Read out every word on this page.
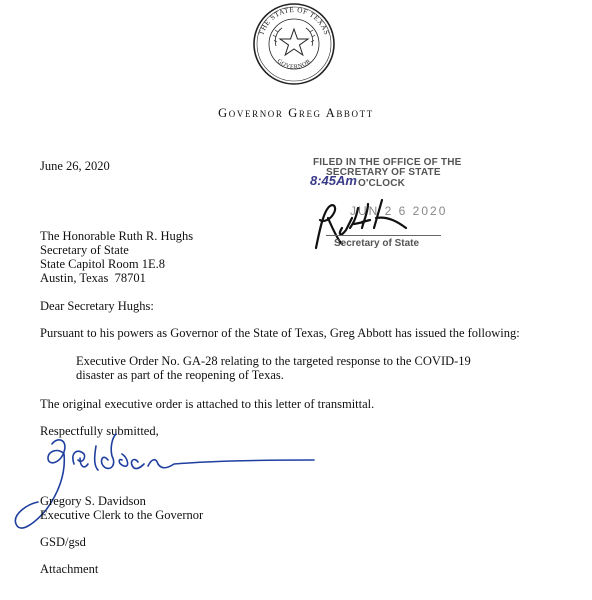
THE STATE OF TEXAS
GOVERNOR
Governor Greg Abbott
June 26, 2020	FILED IN THE OFFICE OF THE
SECRETARY OF STATE
8:45Am O'CLOCK
JUN 2 6 2020
Secretary of State
The Honorable Ruth R. Hughs
Secretary of State
State Capitol Room 1E.8
Austin, Texas  78701
Dear Secretary Hughs:
Pursuant to his powers as Governor of the State of Texas, Greg Abbott has issued the following:
Executive Order No. GA-28 relating to the targeted response to the COVID-19
disaster as part of the reopening of Texas.
The original executive order is attached to this letter of transmittal.
Respectfully submitted,
Gregory S. Davidson
Executive Clerk to the Governor
GSD/gsd
Attachment
